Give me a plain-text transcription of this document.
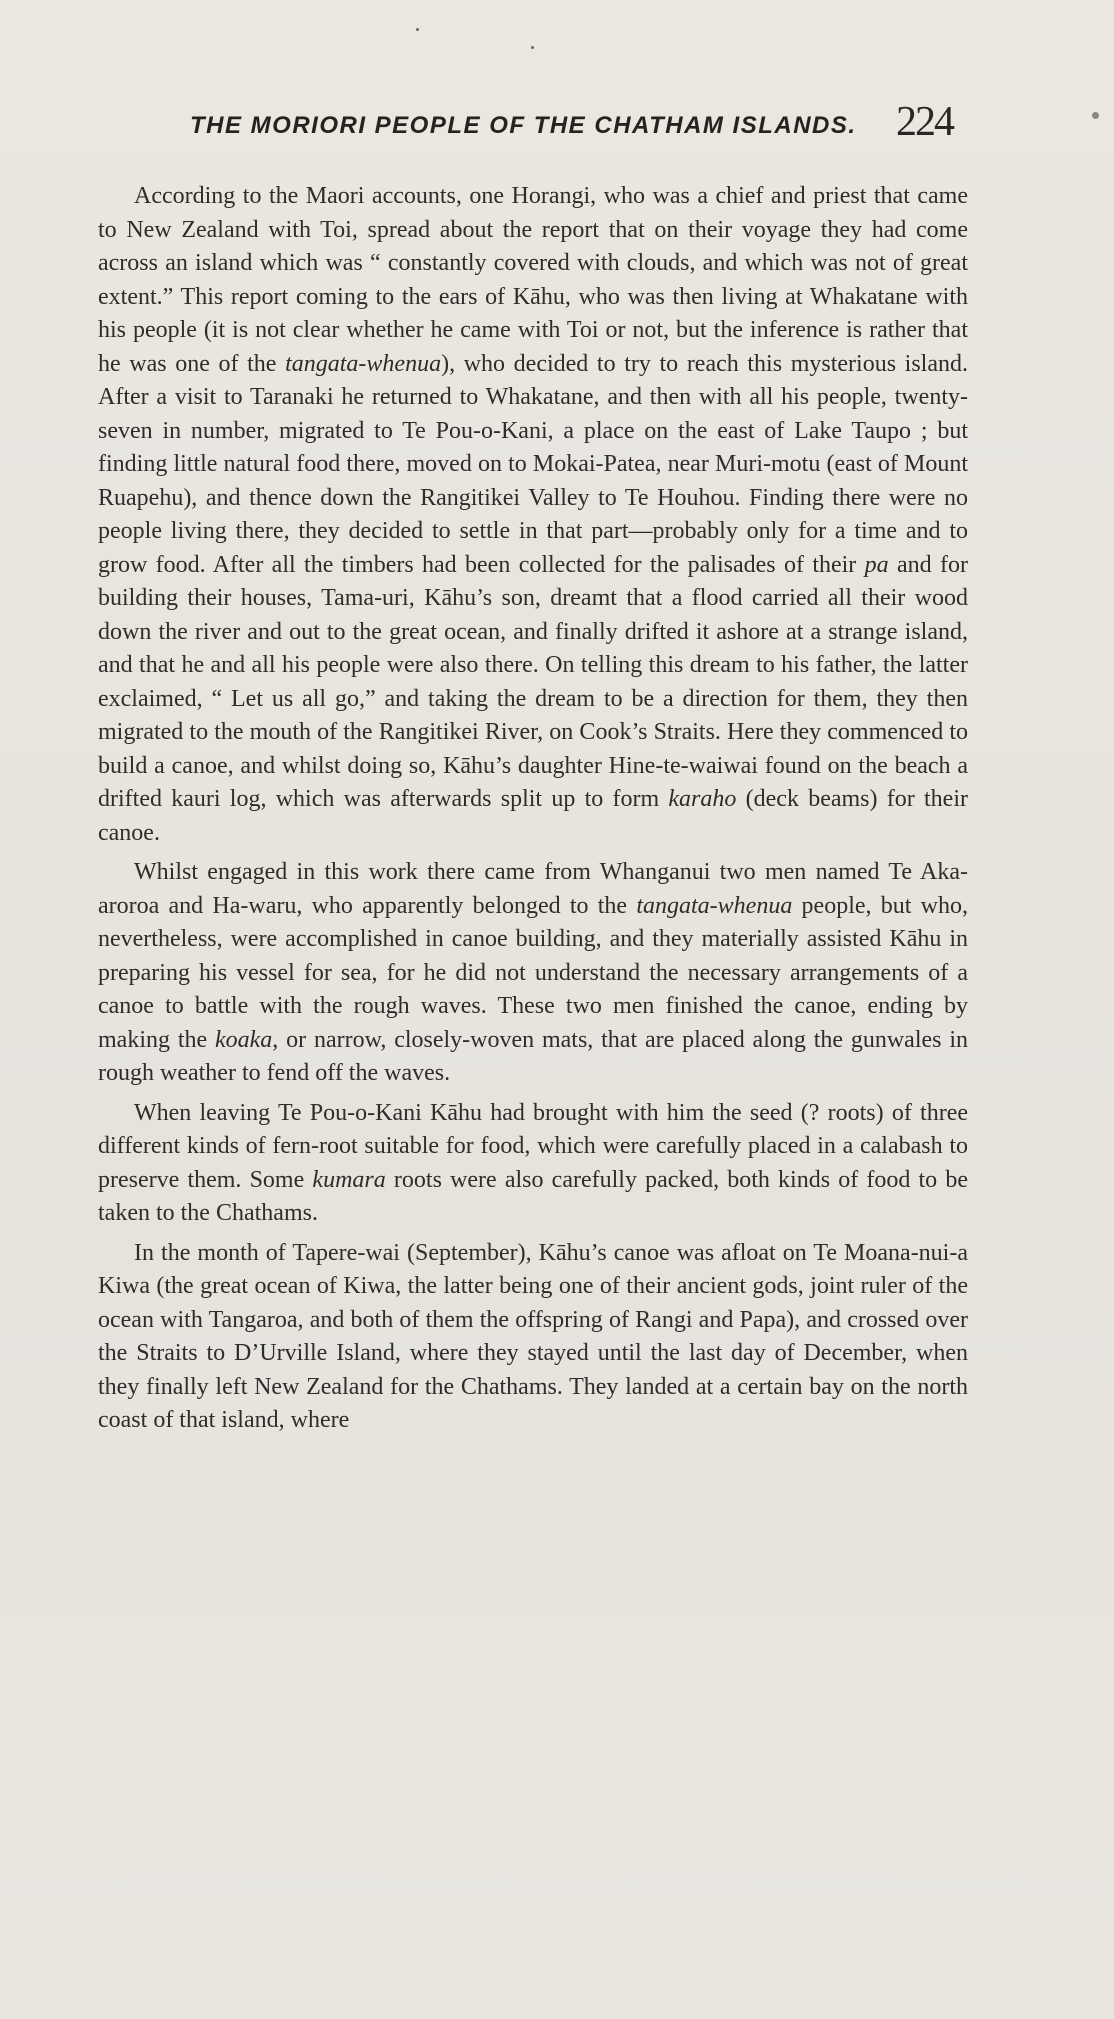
THE MORIORI PEOPLE OF THE CHATHAM ISLANDS. 224

According to the Maori accounts, one Horangi, who was a chief and priest that came to New Zealand with Toi, spread about the report that on their voyage they had come across an island which was “ constantly covered with clouds, and which was not of great extent.” This report coming to the ears of Kāhu, who was then living at Whakatane with his people (it is not clear whether he came with Toi or not, but the inference is rather that he was one of the tangata-whenua), who decided to try to reach this mysterious island. After a visit to Taranaki he returned to Whakatane, and then with all his people, twenty-seven in number, migrated to Te Pou-o-Kani, a place on the east of Lake Taupo ; but finding little natural food there, moved on to Mokai-Patea, near Muri-motu (east of Mount Ruapehu), and thence down the Rangitikei Valley to Te Houhou. Finding there were no people living there, they decided to settle in that part—probably only for a time and to grow food. After all the timbers had been collected for the palisades of their pa and for building their houses, Tama-uri, Kāhu’s son, dreamt that a flood carried all their wood down the river and out to the great ocean, and finally drifted it ashore at a strange island, and that he and all his people were also there. On telling this dream to his father, the latter exclaimed, “ Let us all go,” and taking the dream to be a direction for them, they then migrated to the mouth of the Rangitikei River, on Cook’s Straits. Here they commenced to build a canoe, and whilst doing so, Kāhu’s daughter Hine-te-waiwai found on the beach a drifted kauri log, which was afterwards split up to form karaho (deck beams) for their canoe.

Whilst engaged in this work there came from Whanganui two men named Te Aka-aroroa and Ha-waru, who apparently belonged to the tangata-whenua people, but who, nevertheless, were accomplished in canoe building, and they materially assisted Kāhu in preparing his vessel for sea, for he did not understand the necessary arrangements of a canoe to battle with the rough waves. These two men finished the canoe, ending by making the koaka, or narrow, closely-woven mats, that are placed along the gunwales in rough weather to fend off the waves.

When leaving Te Pou-o-Kani Kāhu had brought with him the seed (? roots) of three different kinds of fern-root suitable for food, which were carefully placed in a calabash to preserve them. Some kumara roots were also carefully packed, both kinds of food to be taken to the Chathams.

In the month of Tapere-wai (September), Kāhu’s canoe was afloat on Te Moana-nui-a Kiwa (the great ocean of Kiwa, the latter being one of their ancient gods, joint ruler of the ocean with Tangaroa, and both of them the offspring of Rangi and Papa), and crossed over the Straits to D’Urville Island, where they stayed until the last day of December, when they finally left New Zealand for the Chathams. They landed at a certain bay on the north coast of that island, where
